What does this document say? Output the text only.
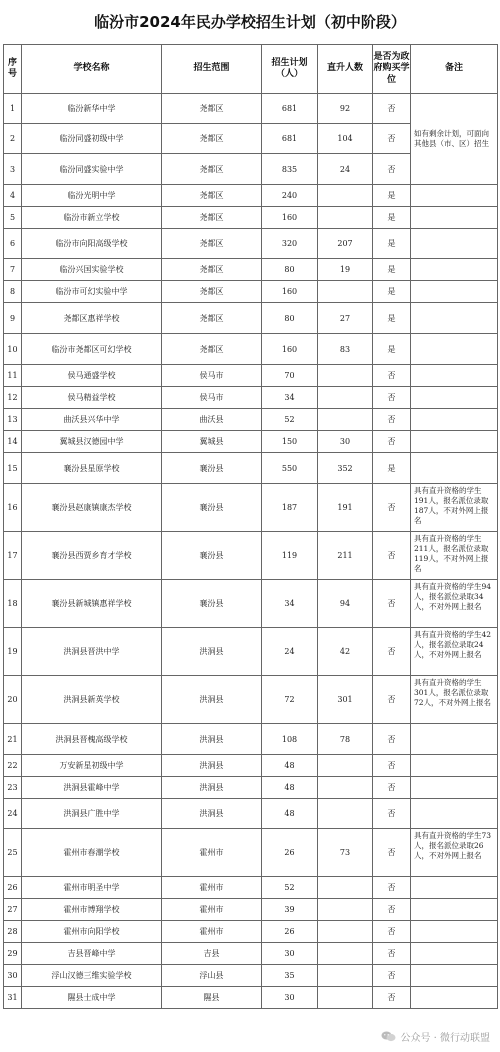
临汾市2024年民办学校招生计划（初中阶段）
序号	学校名称	招生范围	招生计划（人）	直升人数	是否为政府购买学位	备注
1	临汾新华中学	尧都区	681	92	否	如有剩余计划，可面向其他县（市、区）招生
2	临汾同盛初级中学	尧都区	681	104	否	
3	临汾同盛实验中学	尧都区	835	24	否	
4	临汾光明中学	尧都区	240		是	
5	临汾市新立学校	尧都区	160		是	
6	临汾市向阳高级学校	尧都区	320	207	是	
7	临汾兴国实验学校	尧都区	80	19	是	
8	临汾市可幻实验中学	尧都区	160		是	
9	尧都区惠祥学校	尧都区	80	27	是	
10	临汾市尧都区可幻学校	尧都区	160	83	是	
11	侯马通盛学校	侯马市	70		否	
12	侯马精益学校	侯马市	34		否	
13	曲沃县兴华中学	曲沃县	52		否	
14	翼城县汉德园中学	翼城县	150	30	否	
15	襄汾县星原学校	襄汾县	550	352	是	
16	襄汾县赵康镇康杰学校	襄汾县	187	191	否	具有直升资格的学生191人，报名派位录取187人，不对外网上报名
17	襄汾县西贾乡育才学校	襄汾县	119	211	否	具有直升资格的学生211人，报名派位录取119人，不对外网上报名
18	襄汾县新城镇惠祥学校	襄汾县	34	94	否	具有直升资格的学生94人，报名派位录取34人，不对外网上报名
19	洪洞县晋洪中学	洪洞县	24	42	否	具有直升资格的学生42人，报名派位录取24人，不对外网上报名
20	洪洞县新英学校	洪洞县	72	301	否	具有直升资格的学生301人，报名派位录取72人，不对外网上报名
21	洪洞县晋槐高级学校	洪洞县	108	78	否	
22	万安新星初级中学	洪洞县	48		否	
23	洪洞县霍峰中学	洪洞县	48		否	
24	洪洞县广胜中学	洪洞县	48		否	
25	霍州市春潮学校	霍州市	26	73	否	具有直升资格的学生73人，报名派位录取26人，不对外网上报名
26	霍州市明圣中学	霍州市	52		否	
27	霍州市博翔学校	霍州市	39		否	
28	霍州市向阳学校	霍州市	26		否	
29	吉县晋峰中学	吉县	30		否	
30	浮山汉德三维实验学校	浮山县	35		否	
31	隰县士成中学	隰县	30		否	
公众号 · 微行动联盟
